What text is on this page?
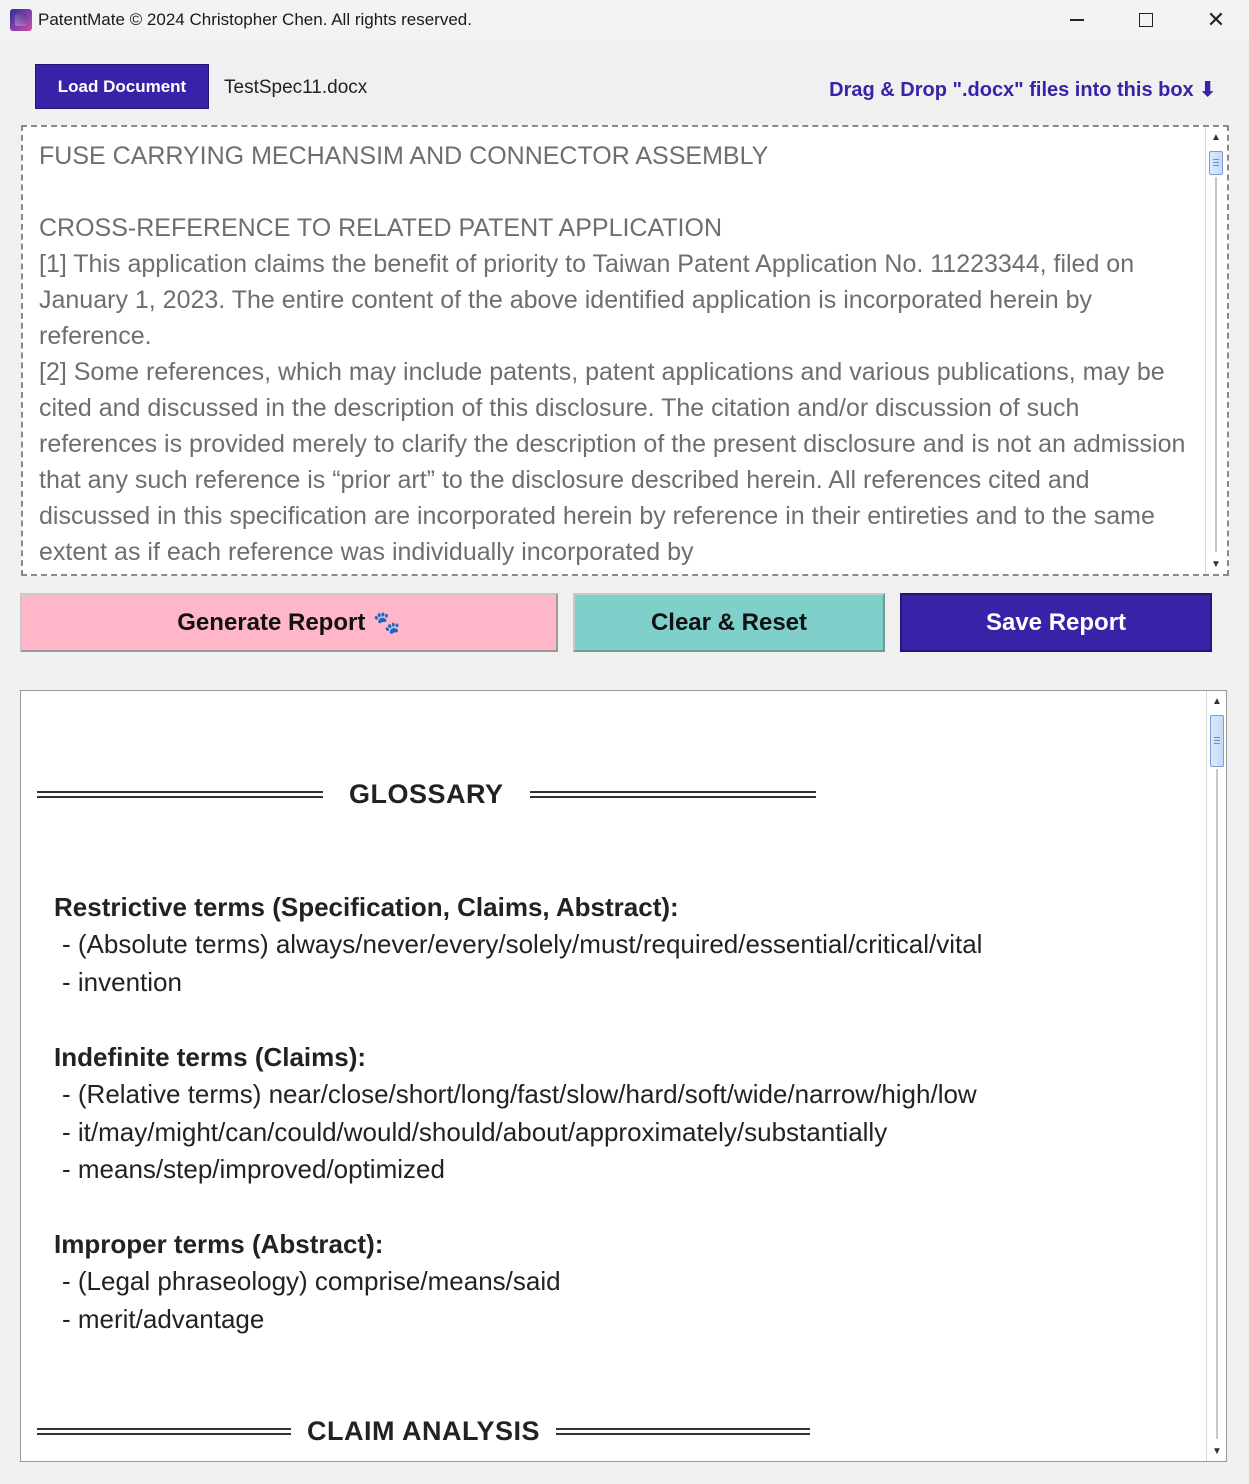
PatentMate © 2024 Christopher Chen. All rights reserved.	✕
Load Document	TestSpec11.docx	Drag & Drop ".docx" files into this box ⬇
FUSE CARRYING MECHANSIM AND CONNECTOR ASSEMBLY

CROSS-REFERENCE TO RELATED PATENT APPLICATION
[1] This application claims the benefit of priority to Taiwan Patent Application No. 11223344, filed on January 1, 2023. The entire content of the above identified application is incorporated herein by reference.
[2] Some references, which may include patents, patent applications and various publications, may be cited and discussed in the description of this disclosure. The citation and/or discussion of such references is provided merely to clarify the description of the present disclosure and is not an admission that any such reference is “prior art” to the disclosure described herein. All references cited and discussed in this specification are incorporated herein by reference in their entireties and to the same extent as if each reference was individually incorporated by
▲
▼
Generate Report 🐾	Clear & Reset	Save Report
GLOSSARY
Restrictive terms (Specification, Claims, Abstract):
- (Absolute terms) always/never/every/solely/must/required/essential/critical/vital
- invention
Indefinite terms (Claims):
- (Relative terms) near/close/short/long/fast/slow/hard/soft/wide/narrow/high/low
- it/may/might/can/could/would/should/about/approximately/substantially
- means/step/improved/optimized
Improper terms (Abstract):
- (Legal phraseology) comprise/means/said
- merit/advantage
CLAIM ANALYSIS
▲
▼
